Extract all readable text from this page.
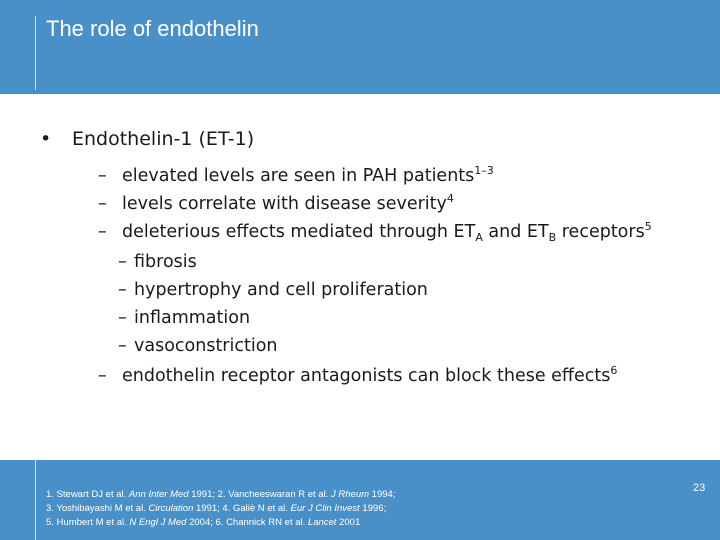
The role of endothelin
• Endothelin-1 (ET-1)
– elevated levels are seen in PAH patients$^{1-3}$
– levels correlate with disease severity$^4$
– deleterious effects mediated through $ET_A$ and $ET_B$ receptors$^5$
– fibrosis
– hypertrophy and cell proliferation
– inflammation
– vasoconstriction
– endothelin receptor antagonists can block these effects$^6$
1. Stewart DJ et al. Ann Inter Med 1991; 2. Vancheeswaran R et al. J Rheum 1994;
3. Yoshibayashi M et al. Circulation 1991; 4. Galiè N et al. Eur J Clin Invest 1996;
5. Humbert M et al. N Engl J Med 2004; 6. Channick RN et al. Lancet 2001
23
